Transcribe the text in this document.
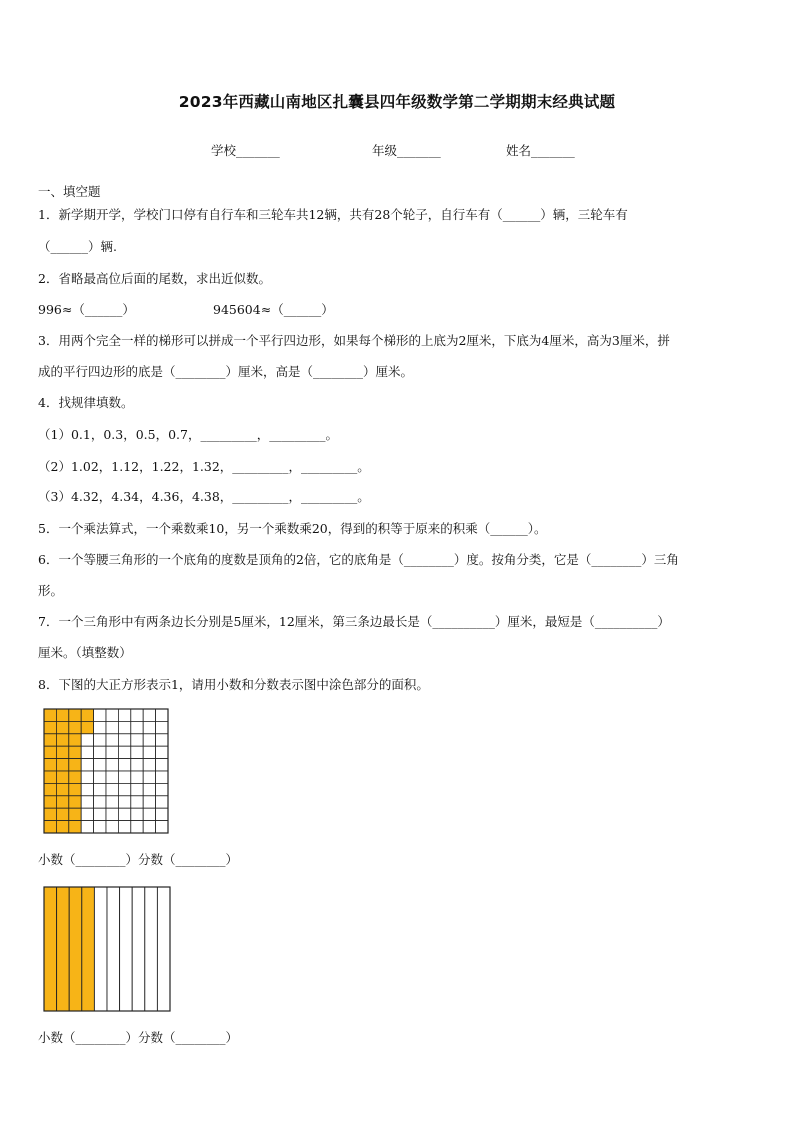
2023年西藏山南地区扎囊县四年级数学第二学期期末经典试题
学校_______	年级_______	姓名_______
一、填空题
1．新学期开学，学校门口停有自行车和三轮车共12辆，共有28个轮子，自行车有（______）辆，三轮车有
（______）辆.
2．省略最高位后面的尾数，求出近似数。
996≈（______）	945604≈（______）
3．用两个完全一样的梯形可以拼成一个平行四边形，如果每个梯形的上底为2厘米，下底为4厘米，高为3厘米，拼
成的平行四边形的底是（________）厘米，高是（________）厘米。
4．找规律填数。
（1）0.1，0.3，0.5，0.7，_________，_________。
（2）1.02，1.12，1.22，1.32，_________，_________。
（3）4.32，4.34，4.36，4.38，_________，_________。
5．一个乘法算式，一个乘数乘10，另一个乘数乘20，得到的积等于原来的积乘（______）。
6．一个等腰三角形的一个底角的度数是顶角的2倍，它的底角是（________）度。按角分类，它是（________）三角
形。
7．一个三角形中有两条边长分别是5厘米，12厘米，第三条边最长是（__________）厘米，最短是（__________）
厘米。（填整数）
8．下图的大正方形表示1，请用小数和分数表示图中涂色部分的面积。
小数（________）分数（________）
小数（________）分数（________）
